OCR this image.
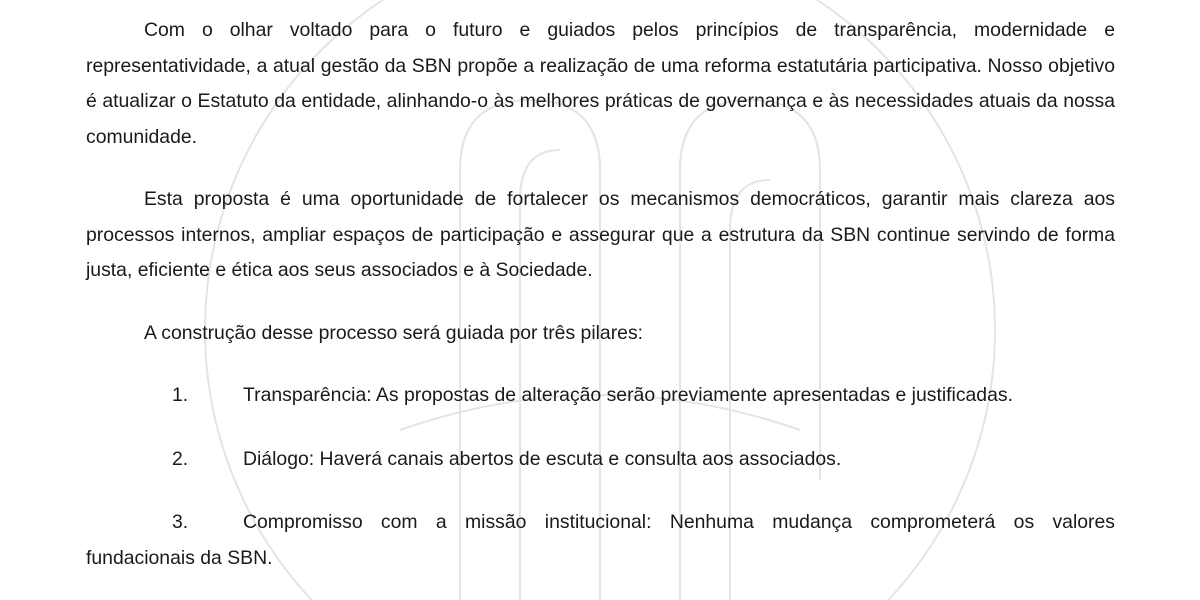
Com o olhar voltado para o futuro e guiados pelos princípios de transparência, modernidade e representatividade, a atual gestão da SBN propõe a realização de uma reforma estatutária participativa. Nosso objetivo é atualizar o Estatuto da entidade, alinhando-o às melhores práticas de governança e às necessidades atuais da nossa comunidade.

Esta proposta é uma oportunidade de fortalecer os mecanismos democráticos, garantir mais clareza aos processos internos, ampliar espaços de participação e assegurar que a estrutura da SBN continue servindo de forma justa, eficiente e ética aos seus associados e à Sociedade.

A construção desse processo será guiada por três pilares:

1.	Transparência: As propostas de alteração serão previamente apresentadas e justificadas.
2.	Diálogo: Haverá canais abertos de escuta e consulta aos associados.
3.	Compromisso com a missão institucional: Nenhuma mudança comprometerá os valores
fundacionais da SBN.
